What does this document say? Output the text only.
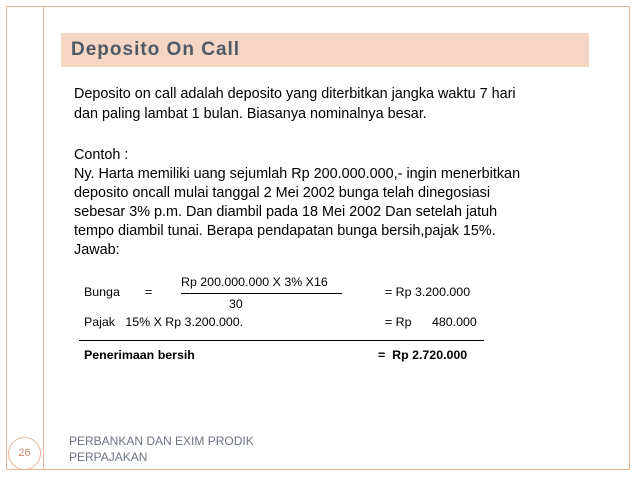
Deposito On Call
Deposito on call adalah deposito yang diterbitkan jangka waktu 7 hari
dan paling lambat 1 bulan. Biasanya nominalnya besar.
Contoh :
Ny. Harta memiliki uang sejumlah Rp 200.000.000,- ingin menerbitkan
deposito oncall mulai tanggal 2 Mei 2002 bunga telah dinegosiasi
sebesar 3% p.m. Dan diambil pada 18 Mei 2002 Dan setelah jatuh
tempo diambil tunai. Berapa pendapatan bunga bersih,pajak 15%.
Jawab:
Bunga =
Rp 200.000.000 X 3% X16
30
= Rp 3.200.000
Pajak   15% X Rp 3.200.000.	= Rp 480.000
Penerimaan bersih	=  Rp 2.720.000
26
PERBANKAN DAN EXIM PRODIK
PERPAJAKAN
